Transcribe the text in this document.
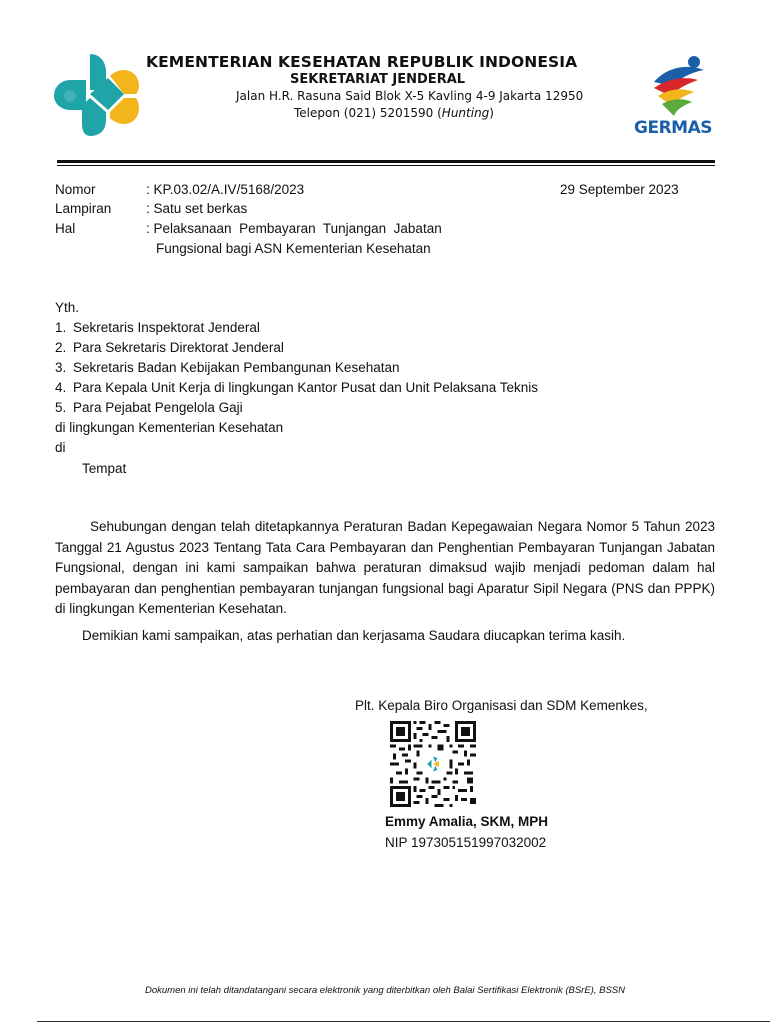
KEMENTERIAN KESEHATAN REPUBLIK INDONESIA
SEKRETARIAT JENDERAL
Jalan H.R. Rasuna Said Blok X-5 Kavling 4-9 Jakarta 12950
Telepon (021) 5201590 (Hunting)
GERMAS
Nomor	: KP.03.02/A.IV/5168/2023	29 September 2023
Lampiran	: Satu set berkas
Hal	: Pelaksanaan  Pembayaran  Tunjangan  Jabatan
Fungsional bagi ASN Kementerian Kesehatan
Yth.
1. Sekretaris Inspektorat Jenderal
2. Para Sekretaris Direktorat Jenderal
3. Sekretaris Badan Kebijakan Pembangunan Kesehatan
4. Para Kepala Unit Kerja di lingkungan Kantor Pusat dan Unit Pelaksana Teknis
5. Para Pejabat Pengelola Gaji
di lingkungan Kementerian Kesehatan
di
Tempat
Sehubungan dengan telah ditetapkannya Peraturan Badan Kepegawaian Negara Nomor 5 Tahun 2023 Tanggal 21 Agustus 2023 Tentang Tata Cara Pembayaran dan Penghentian Pembayaran Tunjangan Jabatan Fungsional, dengan ini kami sampaikan bahwa peraturan dimaksud wajib menjadi pedoman dalam hal pembayaran dan penghentian pembayaran tunjangan fungsional bagi Aparatur Sipil Negara (PNS dan PPPK) di lingkungan Kementerian Kesehatan.
Demikian kami sampaikan, atas perhatian dan kerjasama Saudara diucapkan terima kasih.
Plt. Kepala Biro Organisasi dan SDM Kemenkes,
Emmy Amalia, SKM, MPH
NIP 197305151997032002
Dokumen ini telah ditandatangani secara elektronik yang diterbitkan oleh Balai Sertifikasi Elektronik (BSrE), BSSN
